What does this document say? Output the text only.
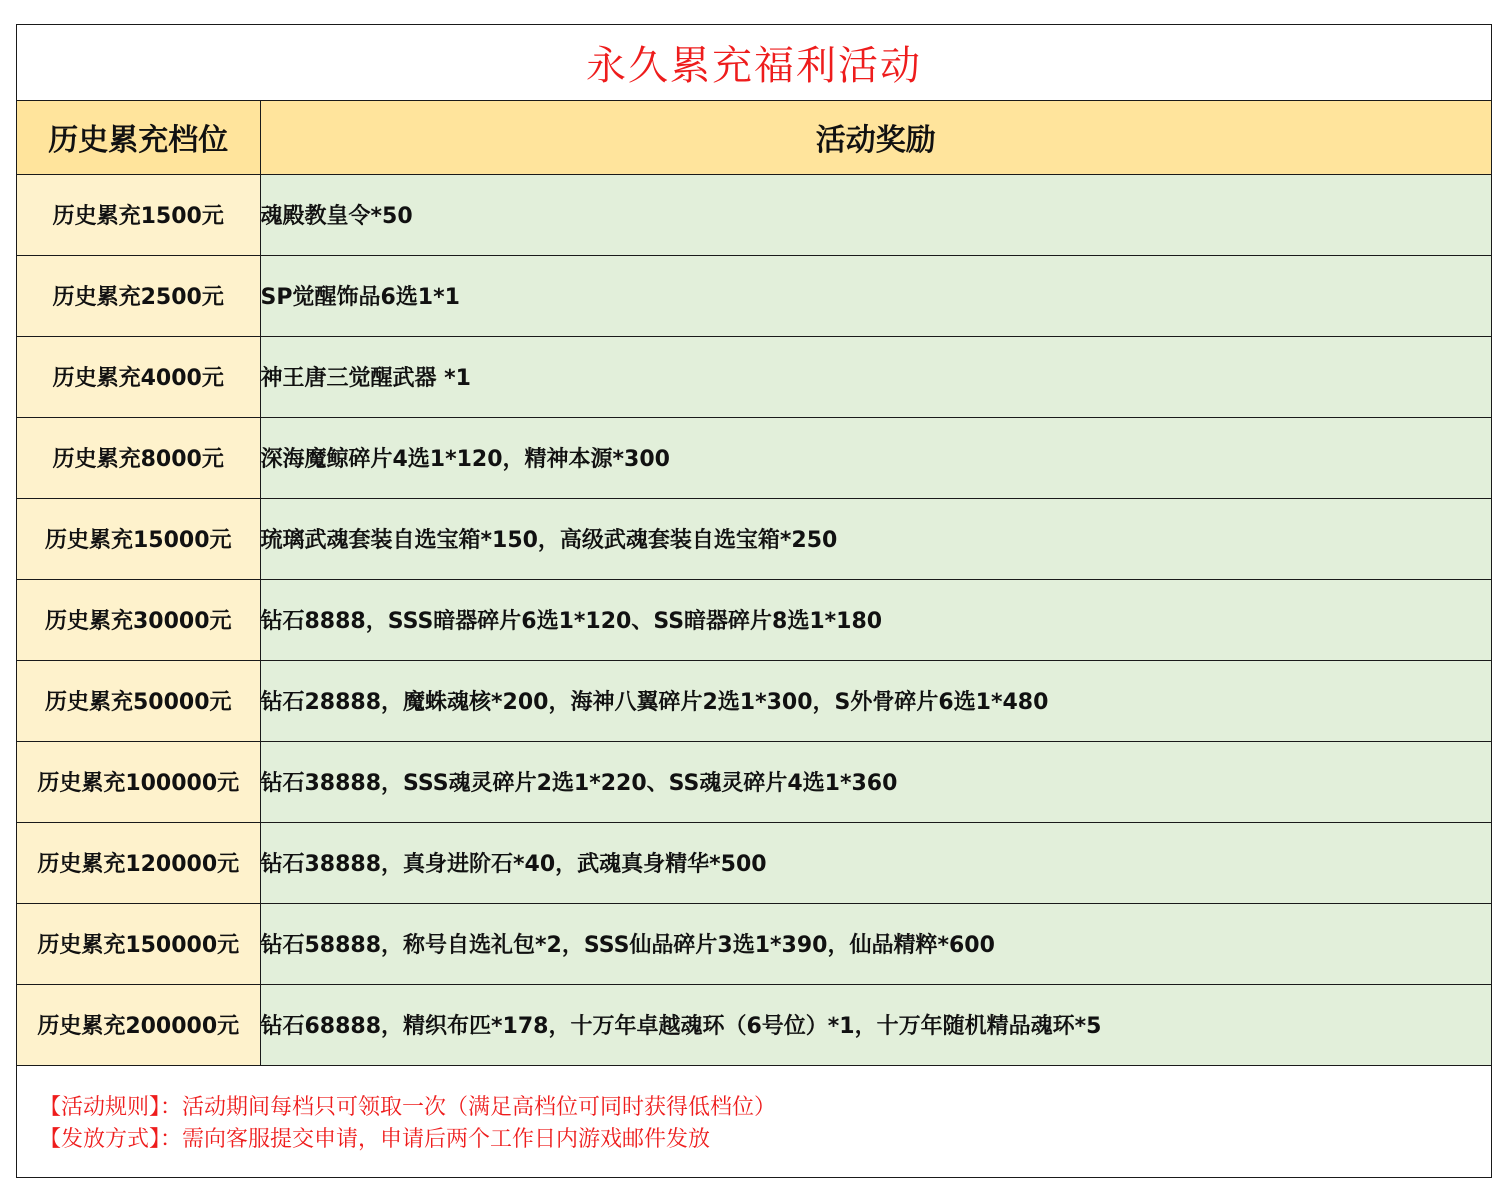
永久累充福利活动
历史累充档位	活动奖励
历史累充1500元	魂殿教皇令*50
历史累充2500元	SP觉醒饰品6选1*1
历史累充4000元	神王唐三觉醒武器 *1
历史累充8000元	深海魔鲸碎片4选1*120，精神本源*300
历史累充15000元	琉璃武魂套装自选宝箱*150，高级武魂套装自选宝箱*250
历史累充30000元	钻石8888，SSS暗器碎片6选1*120、SS暗器碎片8选1*180
历史累充50000元	钻石28888，魔蛛魂核*200，海神八翼碎片2选1*300，S外骨碎片6选1*480
历史累充100000元	钻石38888，SSS魂灵碎片2选1*220、SS魂灵碎片4选1*360
历史累充120000元	钻石38888，真身进阶石*40，武魂真身精华*500
历史累充150000元	钻石58888，称号自选礼包*2，SSS仙品碎片3选1*390，仙品精粹*600
历史累充200000元	钻石68888，精织布匹*178，十万年卓越魂环（6号位）*1，十万年随机精品魂环*5
【活动规则】：活动期间每档只可领取一次（满足高档位可同时获得低档位）
【发放方式】：需向客服提交申请，申请后两个工作日内游戏邮件发放
